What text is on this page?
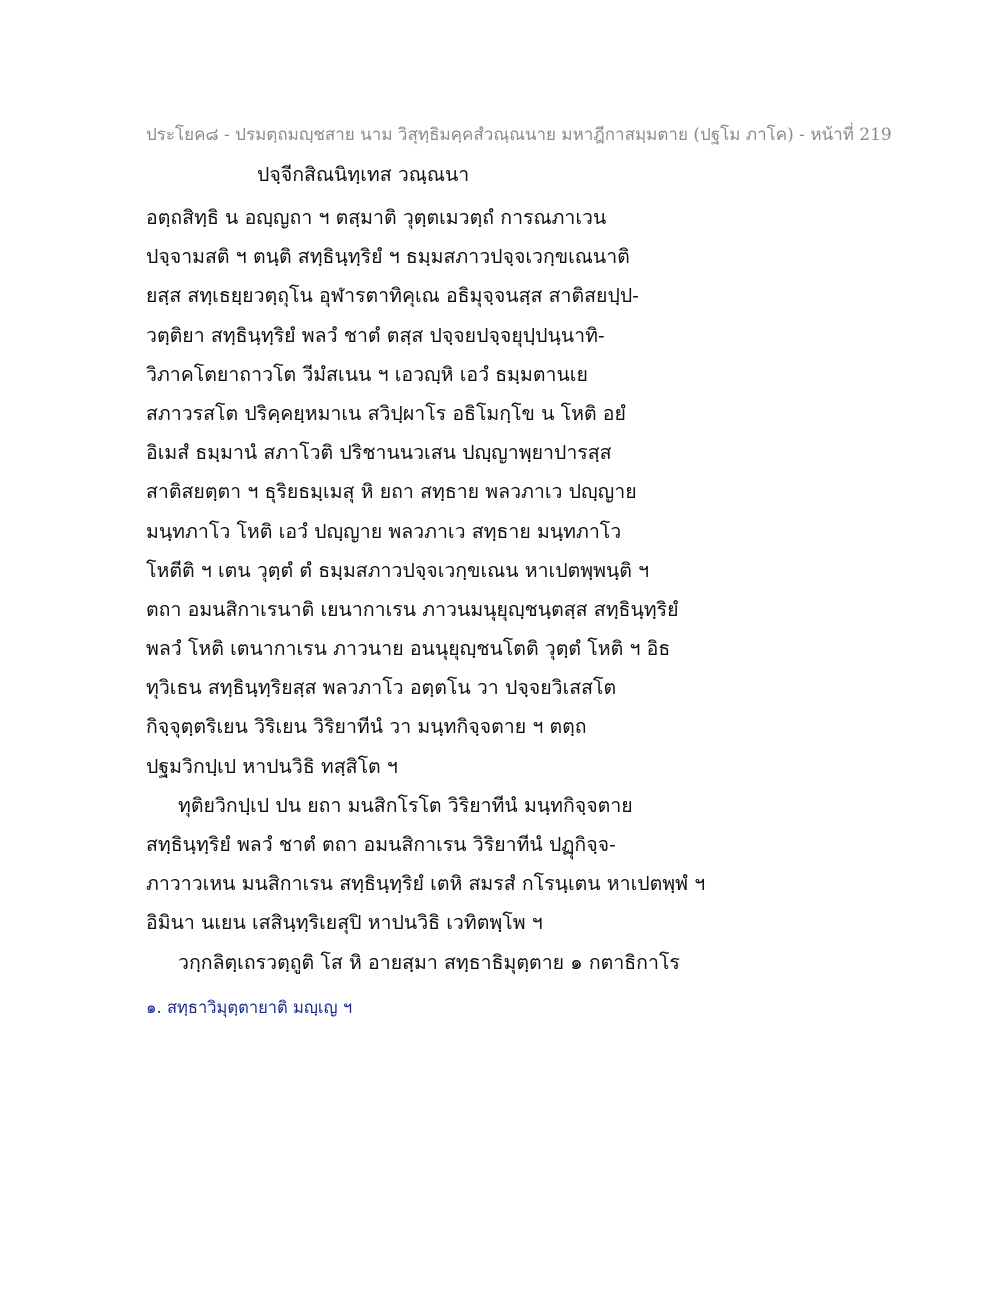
ประโยค๘ - ปรมตฺถมญฺชสาย นาม วิสุทฺธิมคฺคสํวณฺณนาย มหาฎีกาสมฺมตาย (ปฐโม ภาโค) - หน้าที่ 219
ปจฺจีกสิณนิทฺเทส วณฺณนา
อตฺถสิทฺธิ น อญฺญถา ฯ ตสฺมาติ วุตฺตเมวตฺถํ การณภาเวน
ปจฺจามสติ ฯ ตนฺติ สทฺธินฺทฺริยํ ฯ ธมฺมสภาวปจฺจเวกฺขเณนาติ
ยสฺส สทฺเธยฺยวตฺถุโน อุฬารตาทิคุเณ อธิมุจฺจนสฺส สาติสยปฺป-
วตฺติยา สทฺธินฺทฺริยํ พลวํ ชาตํ ตสฺส ปจฺจยปจฺจยุปฺปนฺนาทิ-
วิภาคโตยาถาวโต วีมํสเนน ฯ เอวญฺหิ เอวํ ธมฺมตานเย
สภาวรสโต ปริคฺคยฺหมาเน สวิปฺผาโร อธิโมกฺโข น โหติ อยํ
อิเมสํ ธมฺมานํ สภาโวติ ปริชานนวเสน ปญฺญาพฺยาปารสฺส
สาติสยตฺตา ฯ ธุริยธมฺเมสุ หิ ยถา สทฺธาย พลวภาเว ปญฺญาย
มนฺทภาโว โหติ เอวํ ปญฺญาย พลวภาเว สทฺธาย มนฺทภาโว
โหตีติ ฯ เตน วุตฺตํ ตํ ธมฺมสภาวปจฺจเวกฺขเณน หาเปตพฺพนฺติ ฯ
ตถา อมนสิกาเรนาติ เยนากาเรน ภาวนมนุยุญฺชนฺตสฺส สทฺธินฺทฺริยํ
พลวํ โหติ เตนากาเรน ภาวนาย อนนุยุญฺชนโตติ วุตฺตํ โหติ ฯ อิธ
ทุวิเธน สทฺธินฺทฺริยสฺส พลวภาโว อตฺตโน วา ปจฺจยวิเสสโต
กิจฺจุตฺตริเยน วิริเยน วิริยาทีนํ วา มนฺทกิจฺจตาย ฯ ตตฺถ
ปฐมวิกปฺเป หาปนวิธิ ทสฺสิโต ฯ
ทุติยวิกปฺเป ปน ยถา มนสิกโรโต วิริยาทีนํ มนฺทกิจฺจตาย
สทฺธินฺทฺริยํ พลวํ ชาตํ ตถา อมนสิกาเรน วิริยาทีนํ ปฏุกิจฺจ-
ภาวาวเหน มนสิกาเรน สทฺธินฺทฺริยํ เตหิ สมรสํ กโรนฺเตน หาเปตพฺพํ ฯ
อิมินา นเยน เสสินฺทฺริเยสุปิ หาปนวิธิ เวทิตพฺโพ ฯ
วกฺกลิตฺเถรวตฺถูติ โส หิ อายสฺมา สทฺธาธิมุตฺตาย ๑ กตาธิกาโร
๑. สทฺธาวิมุตฺตายาติ มญฺเญ ฯ
